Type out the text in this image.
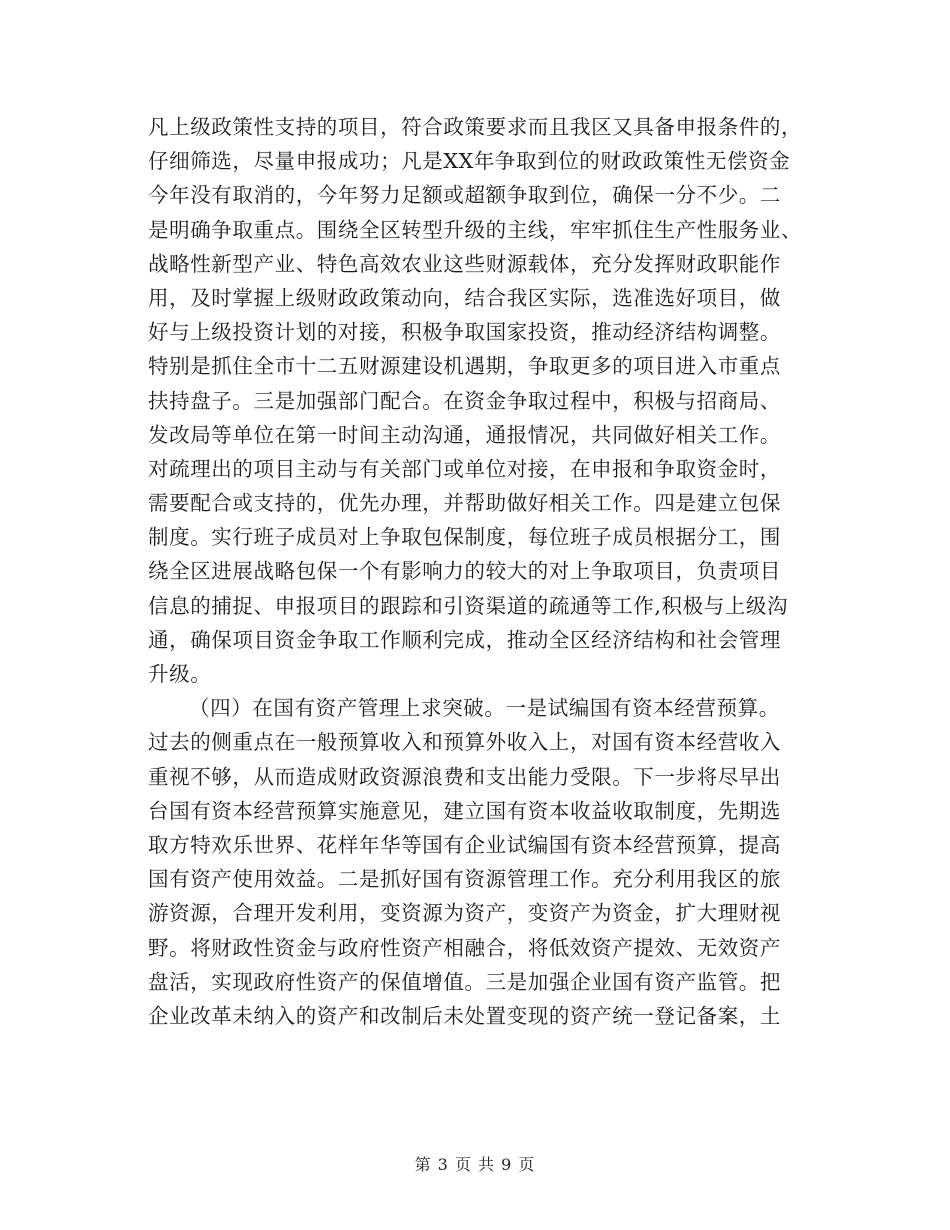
凡上级政策性支持的项目，符合政策要求而且我区又具备申报条件的，
仔细筛选，尽量申报成功；凡是XX年争取到位的财政政策性无偿资金
今年没有取消的，今年努力足额或超额争取到位，确保一分不少。二
是明确争取重点。围绕全区转型升级的主线，牢牢抓住生产性服务业、
战略性新型产业、特色高效农业这些财源载体，充分发挥财政职能作
用，及时掌握上级财政政策动向，结合我区实际，选准选好项目，做
好与上级投资计划的对接，积极争取国家投资，推动经济结构调整。
特别是抓住全市十二五财源建设机遇期，争取更多的项目进入市重点
扶持盘子。三是加强部门配合。在资金争取过程中，积极与招商局、
发改局等单位在第一时间主动沟通，通报情况，共同做好相关工作。
对疏理出的项目主动与有关部门或单位对接，在申报和争取资金时，
需要配合或支持的，优先办理，并帮助做好相关工作。四是建立包保
制度。实行班子成员对上争取包保制度，每位班子成员根据分工，围
绕全区进展战略包保一个有影响力的较大的对上争取项目，负责项目
信息的捕捉、申报项目的跟踪和引资渠道的疏通等工作,积极与上级沟
通，确保项目资金争取工作顺利完成，推动全区经济结构和社会管理
升级。
（四）在国有资产管理上求突破。一是试编国有资本经营预算。
过去的侧重点在一般预算收入和预算外收入上，对国有资本经营收入
重视不够，从而造成财政资源浪费和支出能力受限。下一步将尽早出
台国有资本经营预算实施意见，建立国有资本收益收取制度，先期选
取方特欢乐世界、花样年华等国有企业试编国有资本经营预算，提高
国有资产使用效益。二是抓好国有资源管理工作。充分利用我区的旅
游资源，合理开发利用，变资源为资产，变资产为资金，扩大理财视
野。将财政性资金与政府性资产相融合，将低效资产提效、无效资产
盘活，实现政府性资产的保值增值。三是加强企业国有资产监管。把
企业改革未纳入的资产和改制后未处置变现的资产统一登记备案，土
第 3 页 共 9 页
